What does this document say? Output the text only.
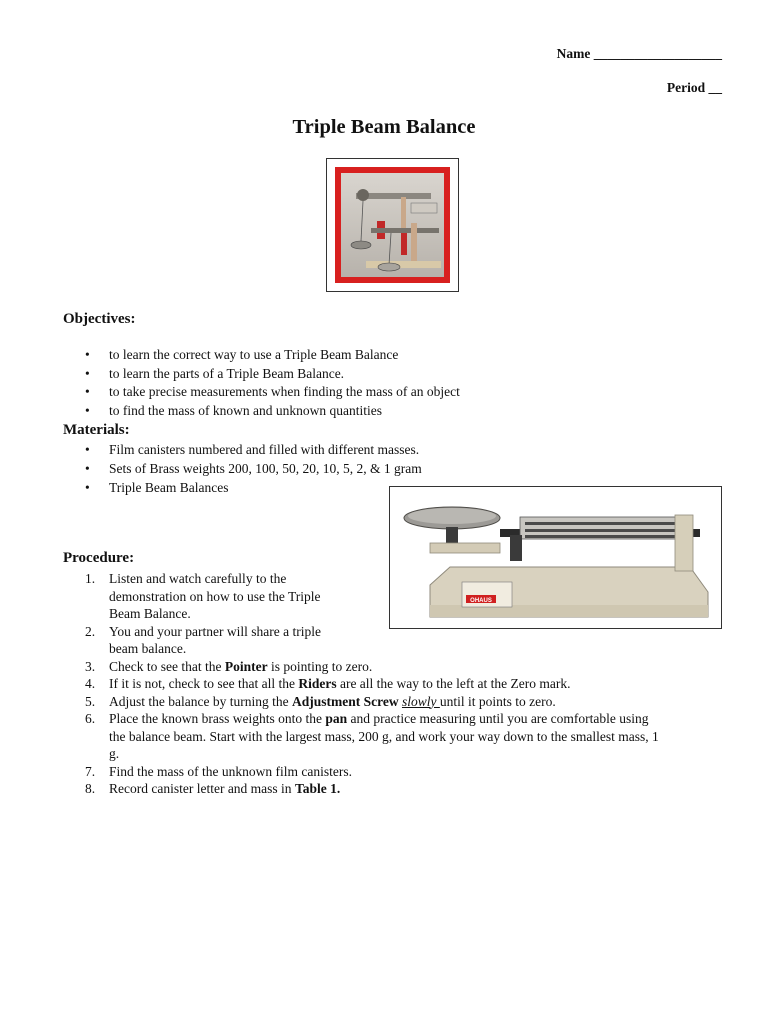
Name ___________________
Period __
Triple Beam Balance
Objectives:
• to learn the correct way to use a Triple Beam Balance
• to learn the parts of a Triple Beam Balance.
• to take precise measurements when finding the mass of an object
• to find the mass of known and unknown quantities
Materials:
• Film canisters numbered and filled with different masses.
• Sets of Brass weights 200, 100, 50, 20, 10, 5, 2, & 1 gram
• Triple Beam Balances
OHAUS
Procedure:
1. Listen and watch carefully to the
demonstration on how to use the Triple
Beam Balance.
2. You and your partner will share a triple
beam balance.
3. Check to see that the Pointer is pointing to zero.
4. If it is not, check to see that all the Riders are all the way to the left at the Zero mark.
5. Adjust the balance by turning the Adjustment Screw slowly until it points to zero.
6. Place the known brass weights onto the pan and practice measuring until you are comfortable using
the balance beam. Start with the largest mass, 200 g, and work your way down to the smallest mass, 1
g.
7. Find the mass of the unknown film canisters.
8. Record canister letter and mass in Table 1.
